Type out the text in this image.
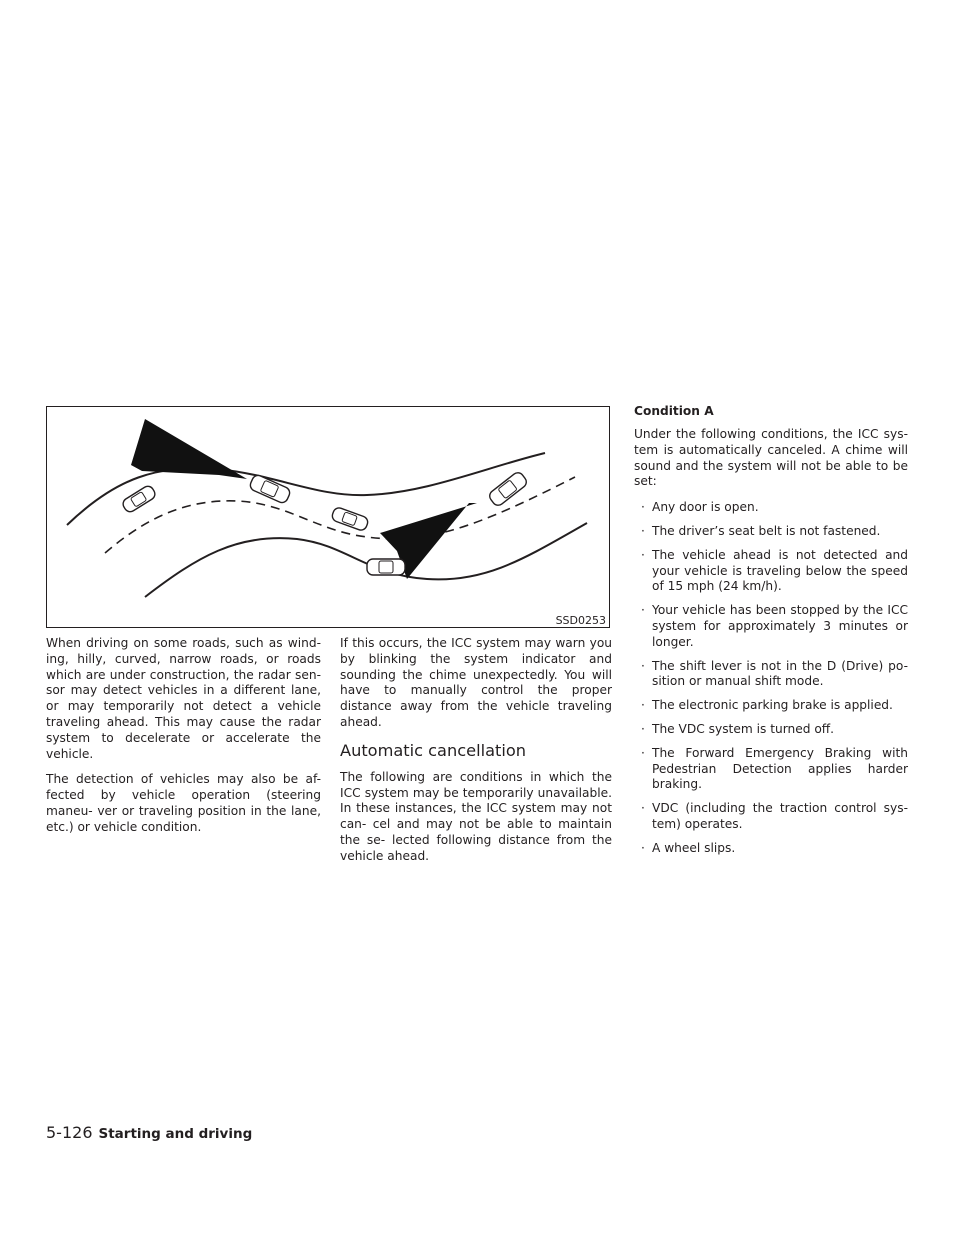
SSD0253

When driving on some roads, such as wind- ing, hilly, curved, narrow roads, or roads which are under construction, the radar sen- sor may detect vehicles in a different lane, or may temporarily not detect a vehicle traveling ahead. This may cause the radar system to decelerate or accelerate the vehicle.

The detection of vehicles may also be af- fected by vehicle operation (steering maneu- ver or traveling position in the lane, etc.) or vehicle condition.

If this occurs, the ICC system may warn you by blinking the system indicator and sounding the chime unexpectedly. You will have to manually control the proper distance away from the vehicle traveling ahead.

Automatic cancellation

The following are conditions in which the ICC system may be temporarily unavailable. In these instances, the ICC system may not can- cel and may not be able to maintain the se- lected following distance from the vehicle ahead.

Condition A

Under the following conditions, the ICC sys- tem is automatically canceled. A chime will sound and the system will not be able to be set:

· Any door is open.
· The driver’s seat belt is not fastened.
· The vehicle ahead is not detected and your vehicle is traveling below the speed of 15 mph (24 km/h).
· Your vehicle has been stopped by the ICC system for approximately 3 minutes or longer.
· The shift lever is not in the D (Drive) po- sition or manual shift mode.
· The electronic parking brake is applied.
· The VDC system is turned off.
· The Forward Emergency Braking with Pedestrian Detection applies harder braking.
· VDC (including the traction control sys- tem) operates.
· A wheel slips.
5-126 Starting and driving
